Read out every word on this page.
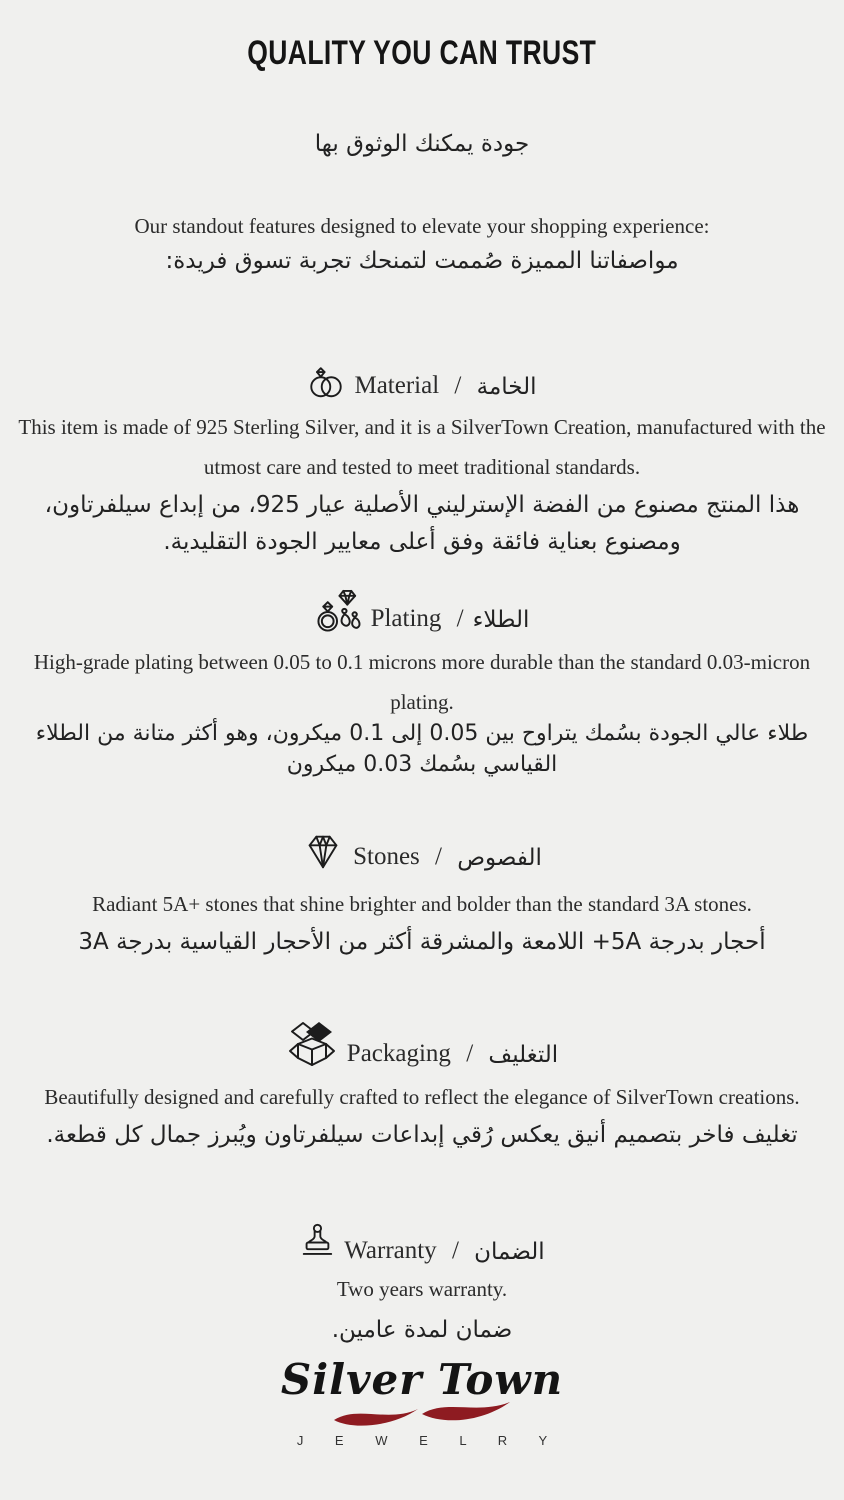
QUALITY YOU CAN TRUST
جودة يمكنك الوثوق بها
Our standout features designed to elevate your shopping experience:
مواصفاتنا المميزة صُممت لتمنحك تجربة تسوق فريدة:
Material / الخامة

This item is made of 925 Sterling Silver, and it is a SilverTown Creation, manufactured with the utmost care and tested to meet traditional standards.

هذا المنتج مصنوع من الفضة الإسترليني الأصلية عيار 925، من إبداع سيلفرتاون، ومصنوع بعناية فائقة وفق أعلى معايير الجودة التقليدية.

Plating / الطلاء

High-grade plating between 0.05 to 0.1 microns more durable than the standard 0.03-micron plating.

طلاء عالي الجودة بسُمك يتراوح بين 0.05 إلى 0.1 ميكرون، وهو أكثر متانة من الطلاء القياسي بسُمك 0.03 ميكرون

Stones / الفصوص

Radiant 5A+ stones that shine brighter and bolder than the standard 3A stones.

أحجار بدرجة 5A+ اللامعة والمشرقة أكثر من الأحجار القياسية بدرجة 3A

Packaging / التغليف

Beautifully designed and carefully crafted to reflect the elegance of SilverTown creations.

تغليف فاخر بتصميم أنيق يعكس رُقي إبداعات سيلفرتاون ويُبرز جمال كل قطعة.

Warranty / الضمان

Two years warranty.

ضمان لمدة عامين.

Silver Town
J E W E L R Y
